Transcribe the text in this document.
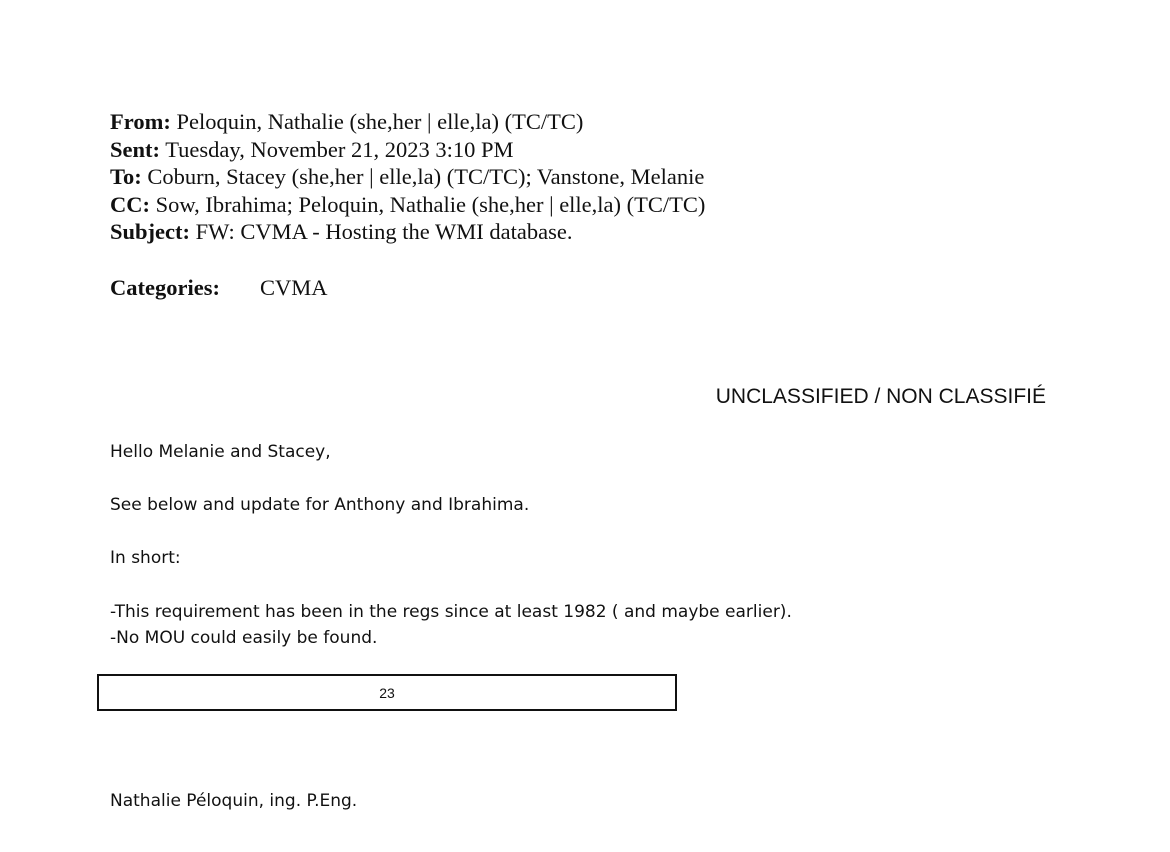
From: Peloquin, Nathalie (she,her | elle,la) (TC/TC)
Sent: Tuesday, November 21, 2023 3:10 PM
To: Coburn, Stacey (she,her | elle,la) (TC/TC); Vanstone, Melanie
CC: Sow, Ibrahima; Peloquin, Nathalie (she,her | elle,la) (TC/TC)
Subject: FW: CVMA - Hosting the WMI database.
Categories: CVMA
UNCLASSIFIED / NON CLASSIFIÉ
Hello Melanie and Stacey,
See below and update for Anthony and Ibrahima.
In short:
-This requirement has been in the regs since at least 1982 ( and maybe earlier).
-No MOU could easily be found.
23
Nathalie Péloquin, ing. P.Eng.
